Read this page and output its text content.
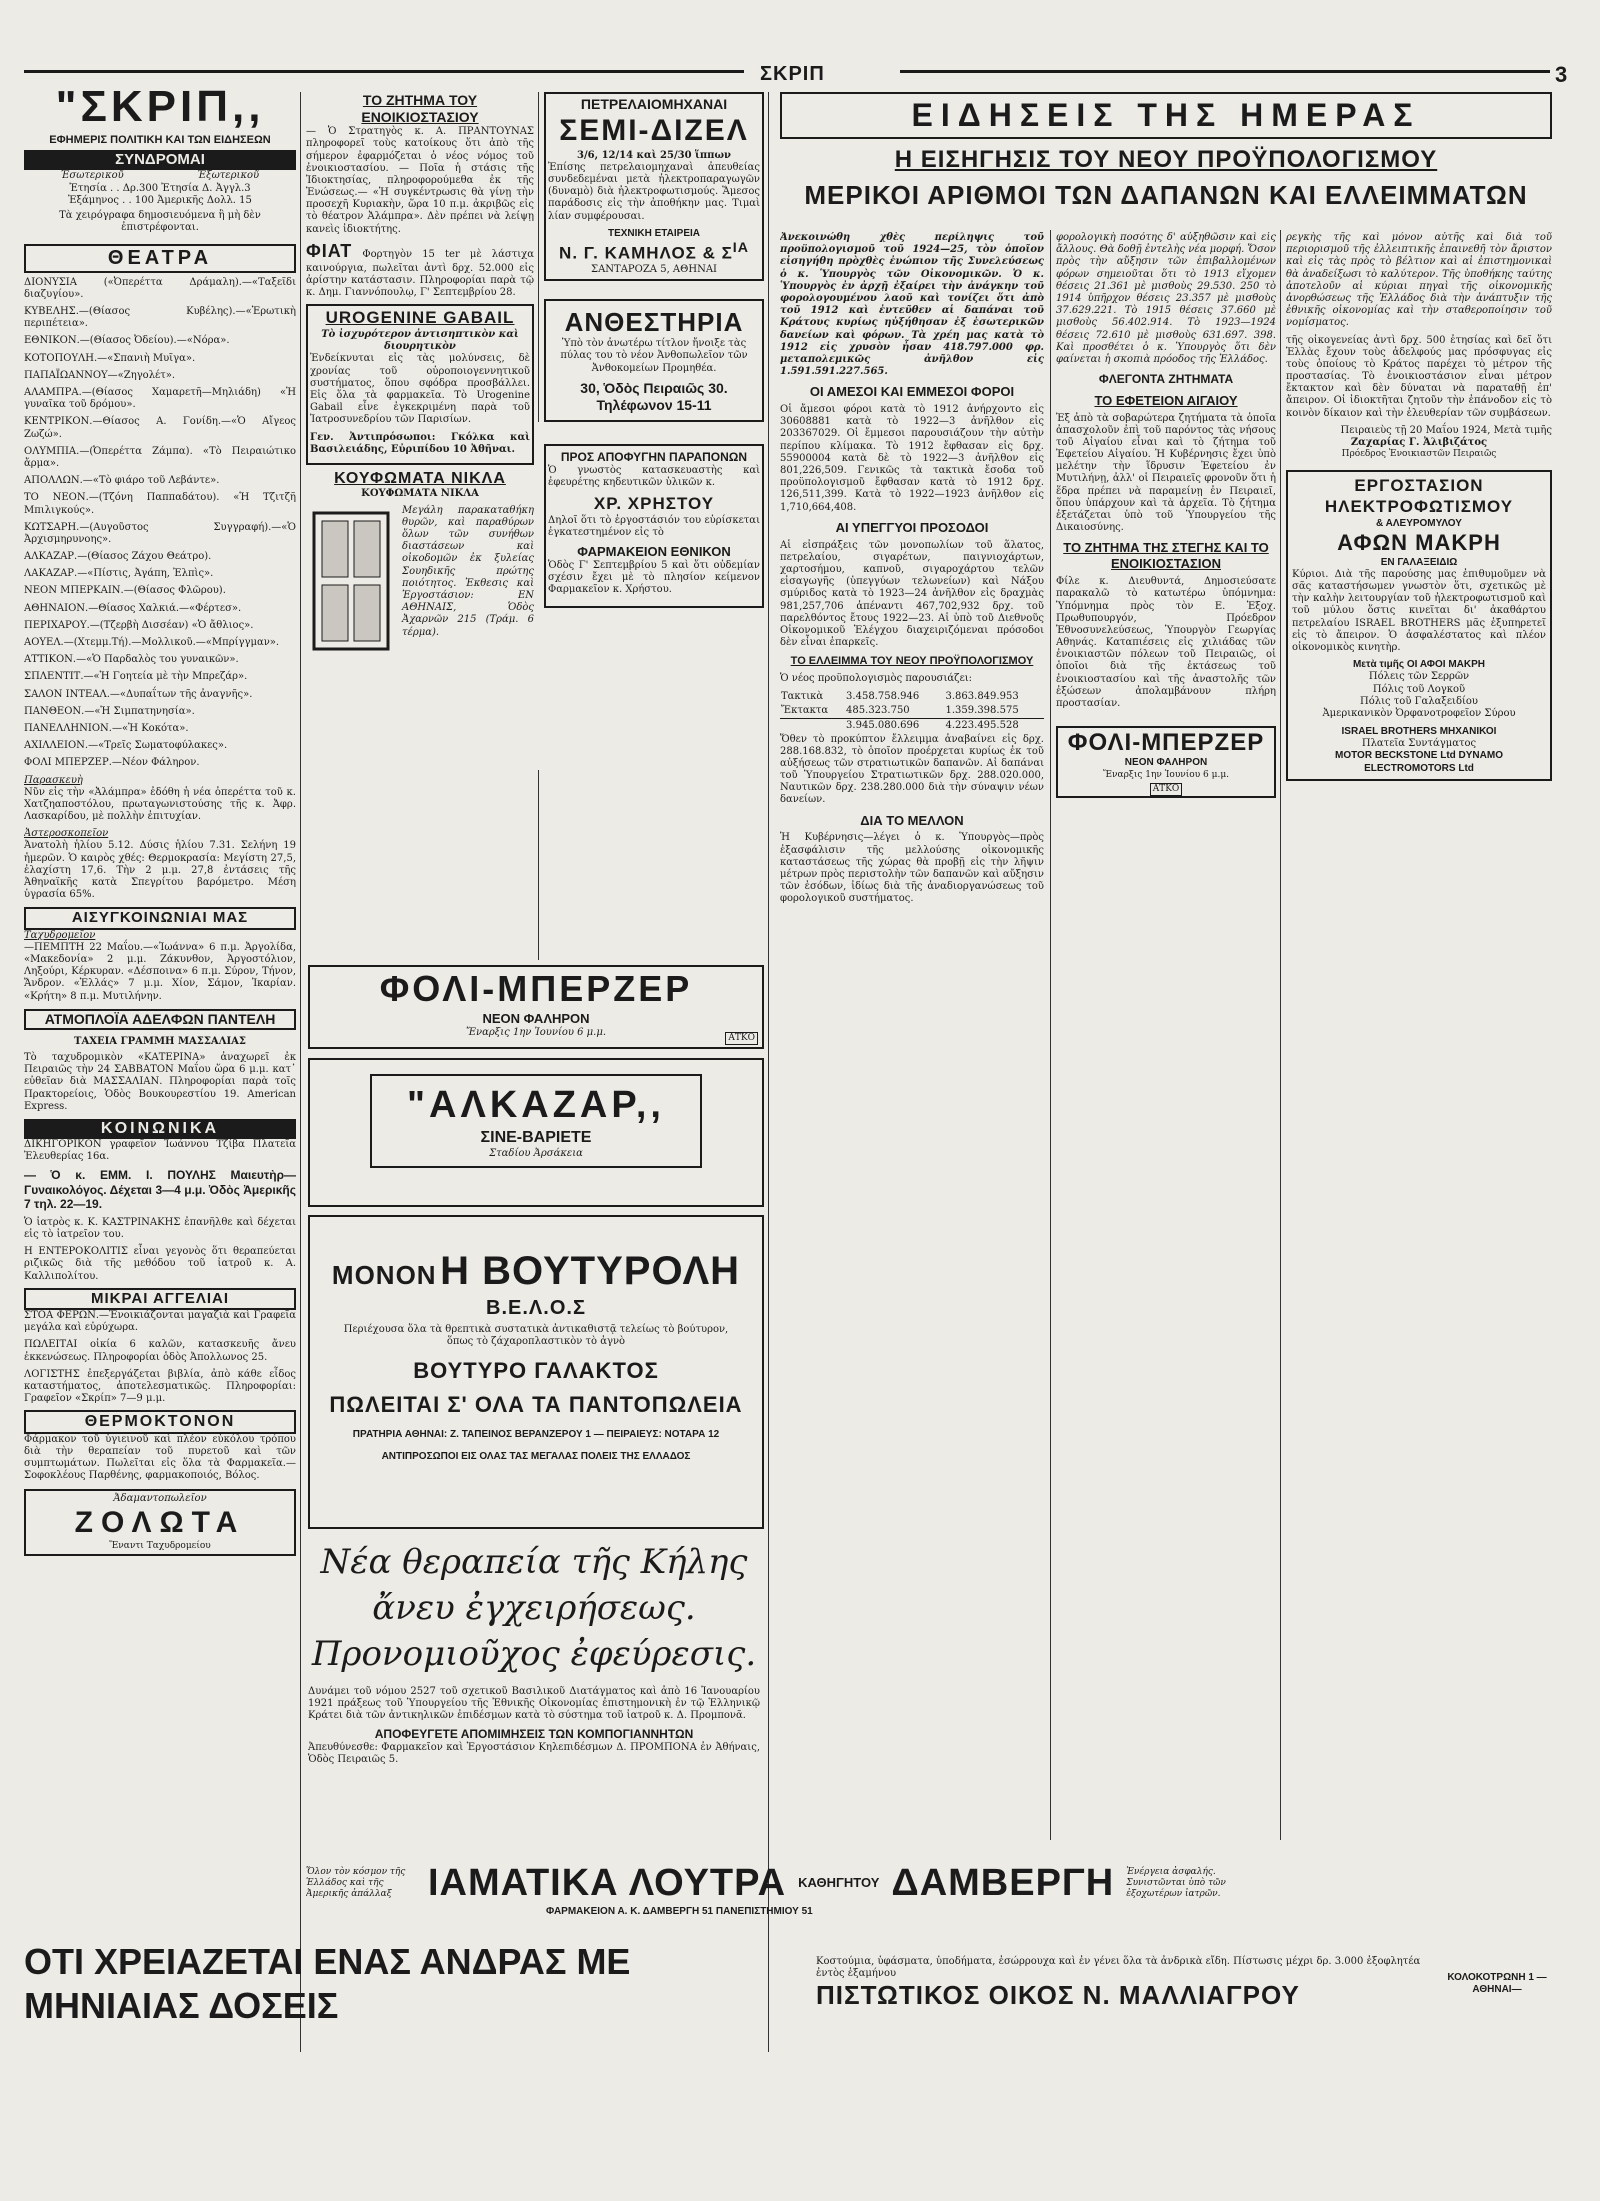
ΣΚΡΙΠ	3
"ΣΚΡΙΠ,,
ΕΦΗΜΕΡΙΣ ΠΟΛΙΤΙΚΗ ΚΑΙ ΤΩΝ ΕΙΔΗΣΕΩΝ
ΣΥΝΔΡΟΜΑΙ
Ἐσωτερικοῦ	Ἐξωτερικοῦ
Ἐτησία . . Δρ.300 Ἐτησία Δ. Ἀγγλ.3
Ἑξάμηνος . . 100 Ἀμερικῆς Δολλ. 15
Τὰ χειρόγραφα δημοσιευόμενα ἢ μὴ δὲν ἐπιστρέφονται.
ΘΕΑΤΡΑ

ΔΙΟΝΥΣΙΑ («Ὀπερέττα Δράμαλη).—«Ταξεῖδι διαζυγίου».

ΚΥΒΕΛΗΣ.—(Θίασος Κυβέλης).—«Ἐρωτικὴ περιπέτεια».

ΕΘΝΙΚΟΝ.—(Θίασος Ὀδείου).—«Νόρα».

ΚΟΤΟΠΟΥΛΗ.—«Σπανιὴ Μυῖγα».

ΠΑΠΑΪΩΑΝΝΟΥ—«Ζηγολέτ».

ΑΛΑΜΠΡΑ.—(Θίασος Χαμαρετῆ—Μηλιάδη) «Ἡ γυναῖκα τοῦ δρόμου».

ΚΕΝΤΡΙΚΟΝ.—Θίασος Α. Γονίδη.—«Ὁ Αἴγεος Ζωζώ».

ΟΛΥΜΠΙΑ.—(Ὀπερέττα Ζάμπα). «Τὸ Πειραιώτικο ἄρμα».

ΑΠΟΛΛΩΝ.—«Τὸ φιάρο τοῦ Λεβάντε».

ΤΟ ΝΕΟΝ.—(Τζόνη Παππαδάτου). «Ἡ Τζιτζῆ Μπιλιγκούς».

ΚΩΤΣΑΡΗ.—(Αυγοῦστος Συγγραφή).—«Ὁ Ἀρχισμηρυνοης».

ΑΛΚΑΖΑΡ.—(Θίασος Ζάχου Θεάτρο).

ΛΑΚΑΖΑΡ.—«Πίστις, Ἀγάπη, Ἐλπὶς».

ΝΕΟΝ ΜΠΕΡΚΑΙΝ.—(Θίασος Φλῶρου).

ΑΘΗΝΑΙΟΝ.—Θίασος Χαλκιά.—«Φέρτεσ».

ΠΕΡΙΧΑΡΟΥ.—(Τζερβὴ Δισσέαν) «Ὁ ἄθλιος».

ΑΟΥΕΛ.—(Χτεμμ.Τή).—Μολλικοῦ.—«Μπρίγγμαν».

ΑΤΤΙΚΟΝ.—«Ὁ Παρδαλὸς του γυναικῶν».

ΣΠΛΕΝΤΙΤ.—«Ἡ Γοητεία μὲ τὴν Μπρεζάρ».

ΣΑΛΟΝ ΙΝΤΕΑΛ.—«Δυπαΐτων τῆς ἀναγνῆς».

ΠΑΝΘΕΟΝ.—«Ἡ Σιμπατηνησία».

ΠΑΝΕΛΛΗΝΙΟΝ.—«Ἡ Κοκότα».

ΑΧΙΛΛΕΙΟΝ.—«Τρεῖς Σωματοφύλακες».

ΦΟΛΙ ΜΠΕΡΖΕΡ.—Νέον Φάληρον.

Παρασκευὴ

Νῦν εἰς τὴν «Ἀλάμπρα» ἐδόθη ἡ νέα ὀπερέττα τοῦ κ. Χατζηαποστόλου, πρωταγωνιστούσης τῆς κ. Ἀφρ. Λασκαρίδου, μὲ πολλὴν ἐπιτυχίαν.

Ἀστεροσκοπεῖον

Ἀνατολὴ ἡλίου 5.12. Δύσις ἡλίου 7.31. Σελήνη 19 ἡμερῶν. Ὁ καιρὸς χθές: Θερμοκρασία: Μεγίστη 27,5, ἐλαχίστη 17,6. Τὴν 2 μ.μ. 27,8 ἐντάσεις τῆς Ἀθηναϊκῆς κατὰ Σπεγρίτου βαρόμετρο. Μέση ὑγρασία 65%.

ΑΙΣΥΓΚΟΙΝΩΝΙΑΙ ΜΑΣ
Ταχυδρομεῖον

—ΠΕΜΠΤΗ 22 Μαΐου.—«Ἰωάννα» 6 π.μ. Ἀργολίδα, «Μακεδονία» 2 μ.μ. Ζάκυνθον, Ἀργοστόλιον, Ληξούρι, Κέρκυραν. «Δέσποινα» 6 π.μ. Σύρον, Τήνον, Ἄνδρον. «Ἑλλάς» 7 μ.μ. Χίον, Σάμον, Ἰκαρίαν. «Κρήτη» 8 π.μ. Μυτιλήνην.

ΑΤΜΟΠΛΟΪΑ ΑΔΕΛΦΩΝ ΠΑΝΤΕΛΗ
ΤΑΧΕΙΑ ΓΡΑΜΜΗ ΜΑΣΣΑΛΙΑΣ

Τὸ ταχυδρομικὸν «ΚΑΤΕΡΙΝΑ» ἀναχωρεῖ ἐκ Πειραιῶς τὴν 24 ΣΑΒΒΑΤΟΝ Μαΐου ὥρα 6 μ.μ. κατ᾽ εὐθεῖαν διὰ ΜΑΣΣΑΛΙΑΝ. Πληροφορίαι παρὰ τοῖς Πρακτορείοις, Ὁδὸς Βουκουρεστίου 19. American Express.

ΚΟΙΝΩΝΙΚΑ

ΔΙΚΗΓΟΡΙΚΟΝ γραφεῖον Ἰωάννου Τζίβα Πλατεῖα Ἐλευθερίας 16α.

— Ὁ κ. ΕΜΜ. Ι. ΠΟΥΛΗΣ Μαιευτὴρ—Γυναικολόγος. Δέχεται 3—4 μ.μ. Ὁδὸς Ἀμερικῆς 7 τηλ. 22—19.

Ὁ ἰατρὸς κ. Κ. ΚΑΣΤΡΙΝΑΚΗΣ ἐπανῆλθε καὶ δέχεται εἰς τὸ ἰατρεῖον του.

Η ΕΝΤΕΡΟΚΟΛΙΤΙΣ εἶναι γεγονὸς ὅτι θεραπεύεται ριζικῶς διὰ τῆς μεθόδου τοῦ ἰατροῦ κ. Α. Καλλιπολίτου.

ΜΙΚΡΑΙ ΑΓΓΕΛΙΑΙ

ΣΤΟΑ ΦΕΡΩΝ.—Ἐνοικιάζονται μαγαζιὰ καὶ Γραφεῖα μεγάλα καὶ εὐρύχωρα.

ΠΩΛΕΙΤΑΙ οἰκία 6 καλῶν, κατασκευῆς ἄνευ ἐκκενώσεως. Πληροφορίαι ὁδὸς Ἀπολλωνος 25.

ΛΟΓΙΣΤΗΣ ἐπεξεργάζεται βιβλία, ἀπὸ κάθε εἶδος καταστήματος, ἀποτελεσματικῶς. Πληροφορίαι: Γραφεῖον «Σκρίπ» 7—9 μ.μ.

ΘΕΡΜΟΚΤΟΝΟΝ

Φάρμακον τοῦ ὑγιεινοῦ καὶ πλέον εὐκόλου τρόπου διὰ τὴν θεραπείαν τοῦ πυρετοῦ καὶ τῶν συμπτωμάτων. Πωλεῖται εἰς ὅλα τὰ Φαρμακεῖα.—Σοφοκλέους Παρθένης, φαρμακοποιός, Βόλος.

Ἀδαμαντοπωλεῖον
ΖΟΛΩΤΑ
Ἔναντι Ταχυδρομείου
ΤΟ ΖΗΤΗΜΑ ΤΟΥ ΕΝΟΙΚΙΟΣΤΑΣΙΟΥ

— Ὁ Στρατηγὸς κ. Α. ΠΡΑΝΤΟΥΝΑΣ πληροφορεῖ τοὺς κατοίκους ὅτι ἀπὸ τῆς σήμερον ἐφαρμόζεται ὁ νέος νόμος τοῦ ἐνοικιοστασίου. — Ποῖα ἡ στάσις τῆς Ἰδιοκτησίας, πληροφορούμεθα ἐκ τῆς Ἑνώσεως.— «Ἡ συγκέντρωσις θὰ γίνῃ τὴν προσεχῆ Κυριακὴν, ὥρα 10 π.μ. ἀκριβῶς εἰς τὸ θέατρον Ἀλάμπρα». Δὲν πρέπει νὰ λείψῃ κανεὶς ἰδιοκτήτης.

ΦΙΑΤ Φορτηγὸν 15 ter μὲ λάστιχα καινούργια, πωλεῖται ἀντὶ δρχ. 52.000 εἰς ἀρίστην κατάστασιν. Πληροφορίαι παρὰ τῷ κ. Δημ. Γιαννόπουλῳ, Γ' Σεπτεμβρίου 28.

UROGENINE GABAIL
Τὸ ἰσχυρότερον ἀντισηπτικὸν καὶ διουρητικὸν

Ἐνδείκνυται εἰς τὰς μολύνσεις, δὲ χρονίας τοῦ οὐροποιογεννητικοῦ συστήματος, ὅπου σφόδρα προσβάλλει. Εἰς ὅλα τὰ φαρμακεῖα. Τὸ Urogenine Gabail εἶνε ἐγκεκριμένη παρὰ τοῦ Ἰατροσυνεδρίου τῶν Παρισίων.

Γεν. Ἀντιπρόσωποι: Γκόλκα καὶ Βασιλειάδης, Εὐριπίδου 10 Ἀθῆναι.

ΚΟΥΦΩΜΑΤΑ ΝΙΚΛΑ
ΚΟΥΦΩΜΑΤΑ ΝΙΚΛΑ

Μεγάλη παρακαταθήκη θυρῶν, καὶ παραθύρων ὅλων τῶν συνήθων διαστάσεων καὶ οἰκοδομῶν ἐκ ξυλείας Σουηδικῆς πρώτης ποιότητος. Ἐκθεσις καὶ Ἐργοστάσιον: ΕΝ ΑΘΗΝΑΙΣ, Ὁδὸς Ἀχαρνῶν 215 (Τράμ. 6 τέρμα).

ΠΕΤΡΕΛΑΙΟΜΗΧΑΝΑΙ
ΣΕΜΙ-ΔΙΖΕΛ
3/6, 12/14 καὶ 25/30 ἵππων

Ἐπίσης πετρελαιομηχαναὶ ἀπευθείας συνδεδεμέναι μετὰ ἠλεκτροπαραγωγῶν (δυναμὸ) διὰ ἠλεκτροφωτισμούς. Ἅμεσος παράδοσις εἰς τὴν ἀποθήκην μας. Τιμαὶ λίαν συμφέρουσαι.

ΤΕΧΝΙΚΗ ΕΤΑΙΡΕΙΑ
Ν. Γ. ΚΑΜΗΛΟΣ & $\Sigma^{IA}$
ΣΑΝΤΑΡΟΖΑ 5, ΑΘΗΝΑΙ
ΑΝΘΕΣΤΗΡΙΑ

Ὑπὸ τὸν ἀνωτέρω τίτλον ἤνοιξε τὰς πύλας του τὸ νέον Ἀνθοπωλεῖον τῶν Ἀνθοκομείων Προμηθέα.

30, Ὁδὸς Πειραιῶς 30.
Τηλέφωνον 15-11
ΠΡΟΣ ΑΠΟΦΥΓΗΝ ΠΑΡΑΠΟΝΩΝ

Ὁ γνωστὸς κατασκευαστὴς καὶ ἐφευρέτης κηδευτικῶν ὑλικῶν κ.

ΧΡ. ΧΡΗΣΤΟΥ

Δηλοῖ ὅτι τὸ ἐργοστάσιόν του εὑρίσκεται ἐγκατεστημένον εἰς τὸ

ΦΑΡΜΑΚΕΙΟΝ ΕΘΝΙΚΟΝ

Ὁδὸς Γ' Σεπτεμβρίου 5 καὶ ὅτι οὐδεμίαν σχέσιν ἔχει μὲ τὸ πλησίον κείμενον Φαρμακεῖον κ. Χρήστου.

ΦΟΛΙ-ΜΠΕΡΖΕΡ
ΝΕΟΝ ΦΑΛΗΡΟΝ
Ἔναρξις 1ην Ἰουνίου 6 μ.μ.
ΑΤΚΟ
"ΑΛΚΑΖΑΡ,,
ΣΙΝΕ-ΒΑΡΙΕΤΕ
Σταδίου Ἀρσάκεια
ΜΟΝΟΝ Η ΒΟΥΤΥΡΟΛΗ
Β.Ε.Λ.Ο.Σ

Περιέχουσα ὅλα τὰ θρεπτικὰ συστατικὰ ἀντικαθιστᾷ τελείως τὸ βούτυρον, ὅπως τὸ ζάχαροπλαστικὸν τὸ ἁγνὸ

ΒΟΥΤΥΡΟ ΓΑΛΑΚΤΟΣ
ΠΩΛΕΙΤΑΙ Σ' ΟΛΑ ΤΑ ΠΑΝΤΟΠΩΛΕΙΑ
ΠΡΑΤΗΡΙΑ ΑΘΗΝΑΙ: Ζ. ΤΑΠΕΙΝΟΣ ΒΕΡΑΝΖΕΡΟΥ 1 — ΠΕΙΡΑΙΕΥΣ: ΝΟΤΑΡΑ 12
ΑΝΤΙΠΡΟΣΩΠΟΙ ΕΙΣ ΟΛΑΣ ΤΑΣ ΜΕΓΑΛΑΣ ΠΟΛΕΙΣ ΤΗΣ ΕΛΛΑΔΟΣ
Νέα θεραπεία τῆς Κήλης
ἄνευ ἐγχειρήσεως.
Προνομιοῦχος ἐφεύρεσις.

Δυνάμει τοῦ νόμου 2527 τοῦ σχετικοῦ Βασιλικοῦ Διατάγματος καὶ ἀπὸ 16 Ἰανουαρίου 1921 πράξεως τοῦ Ὑπουργείου τῆς Ἐθνικῆς Οἰκονομίας ἐπιστημονικὴ ἐν τῷ Ἑλληνικῷ Κράτει διὰ τῶν ἀντικηλικῶν ἐπιδέσμων κατὰ τὸ σύστημα τοῦ ἰατροῦ κ. Δ. Προμπονᾶ.

ΑΠΟΦΕΥΓΕΤΕ ΑΠΟΜΙΜΗΣΕΙΣ ΤΩΝ ΚΟΜΠΟΓΙΑΝΝΗΤΩΝ

Ἀπευθύνεσθε: Φαρμακεῖον καὶ Ἐργοστάσιον Κηλεπιδέσμων Δ. ΠΡΟΜΠΟΝΑ ἐν Ἀθήναις, Ὁδὸς Πειραιῶς 5.

Ὅλον τὸν κόσμον τῆς Ἑλλάδος καὶ τῆς Ἀμερικῆς ἀπάλλαξ ΙΑΜΑΤΙΚΑ ΛΟΥΤΡΑ ΚΑΘΗΓΗΤΟΥ ΔΑΜΒΕΡΓΗ Ἐνέργεια ἀσφαλής. Συνιστῶνται ὑπὸ τῶν ἐξοχωτέρων ἰατρῶν.
ΦΑΡΜΑΚΕΙΟΝ Α. Κ. ΔΑΜΒΕΡΓΗ 51 ΠΑΝΕΠΙΣΤΗΜΙΟΥ 51
ΟΤΙ ΧΡΕΙΑΖΕΤΑΙ ΕΝΑΣ ΑΝΔΡΑΣ ΜΕ ΜΗΝΙΑΙΑΣ ΔΟΣΕΙΣ
Κοστούμια, ὑφάσματα, ὑποδήματα, ἐσώρρουχα καὶ ἐν γένει ὅλα τὰ ἀνδρικὰ εἴδη. Πίστωσις μέχρι δρ. 3.000 ἐξοφλητέα ἐντὸς ἑξαμήνου
ΠΙΣΤΩΤΙΚΟΣ ΟΙΚΟΣ Ν. ΜΑΛΛΙΑΓΡΟΥ
ΚΟΛΟΚΟΤΡΩΝΗ 1 —ΑΘΗΝΑΙ—
ΕΙΔΗΣΕΙΣ ΤΗΣ ΗΜΕΡΑΣ
Η ΕΙΣΗΓΗΣΙΣ ΤΟΥ ΝΕΟΥ ΠΡΟΫΠΟΛΟΓΙΣΜΟΥ
ΜΕΡΙΚΟΙ ΑΡΙΘΜΟΙ ΤΩΝ ΔΑΠΑΝΩΝ ΚΑΙ ΕΛΛΕΙΜΜΑΤΩΝ

Ἀνεκοινώθη χθὲς περίληψις τοῦ προϋπολογισμοῦ τοῦ 1924—25, τὸν ὁποῖον εἰσηγήθη πρὸχθὲς ἐνώπιον τῆς Συνελεύσεως ὁ κ. Ὑπουργὸς τῶν Οἰκονομικῶν. Ὁ κ. Ὑπουργὸς ἐν ἀρχῇ ἐξαίρει τὴν ἀνάγκην τοῦ φορολογουμένου λαοῦ καὶ τονίζει ὅτι ἀπὸ τοῦ 1912 καὶ ἐντεῦθεν αἱ δαπάναι τοῦ Κράτους κυρίως ηὐξήθησαν ἐξ ἐσωτερικῶν δανείων καὶ φόρων. Τὰ χρέη μας κατὰ τὸ 1912 εἰς χρυσὸν ἦσαν 418.797.000 φρ. μεταπολεμικῶς ἀνῆλθον εἰς 1.591.591.227.565.

ΟΙ ΑΜΕΣΟΙ ΚΑΙ ΕΜΜΕΣΟΙ ΦΟΡΟΙ

Οἱ ἄμεσοι φόροι κατὰ τὸ 1912 ἀνήρχοντο εἰς 30608881 κατὰ τὸ 1922—3 ἀνῆλθον εἰς 203367029. Οἱ ἔμμεσοι παρουσιάζουν τὴν αὐτὴν περίπου κλίμακα. Τὸ 1912 ἔφθασαν εἰς δρχ. 55900004 κατὰ δὲ τὸ 1922—3 ἀνῆλθον εἰς 801,226,509. Γενικῶς τὰ τακτικὰ ἔσοδα τοῦ προϋπολογισμοῦ ἔφθασαν κατὰ τὸ 1912 δρχ. 126,511,399. Κατὰ τὸ 1922—1923 ἀνῆλθον εἰς 1,710,664,408.

ΑΙ ΥΠΕΓΓΥΟΙ ΠΡΟΣΟΔΟΙ

Αἱ εἰσπράξεις τῶν μονοπωλίων τοῦ ἅλατος, πετρελαίου, σιγαρέτων, παιγνιοχάρτων, χαρτοσήμου, καπνοῦ, σιγαροχάρτου τελῶν εἰσαγωγῆς (ὑπεγγύων τελωνείων) καὶ Νάξου σμύριδος κατὰ τὸ 1923—24 ἀνῆλθον εἰς δραχμὰς 981,257,706 ἀπέναντι 467,702,932 δρχ. τοῦ παρελθόντος ἔτους 1922—23. Αἱ ὑπὸ τοῦ Διεθνοῦς Οἰκονομικοῦ Ἐλέγχου διαχειριζόμεναι πρόσοδοι δὲν εἶναι ἐπαρκεῖς.

ΤΟ ΕΛΛΕΙΜΜΑ ΤΟΥ ΝΕΟΥ ΠΡΟΫΠΟΛΟΓΙΣΜΟΥ

Ὁ νέος προϋπολογισμὸς παρουσιάζει:

Τακτικὰ	3.458.758.946	3.863.849.953
Ἔκτακτα	485.323.750	1.359.398.575
	3.945.080.696	4.223.495.528

Ὅθεν τὸ προκύπτον ἔλλειμμα ἀναβαίνει εἰς δρχ. 288.168.832, τὸ ὁποῖον προέρχεται κυρίως ἐκ τοῦ αὐξήσεως τῶν στρατιωτικῶν δαπανῶν. Αἱ δαπάναι τοῦ Ὑπουργείου Στρατιωτικῶν δρχ. 288.020.000, Ναυτικῶν δρχ. 238.280.000 διὰ τὴν σύναψιν νέων δανείων.

ΔΙΑ ΤΟ ΜΕΛΛΟΝ

Ἡ Κυβέρνησις—λέγει ὁ κ. Ὑπουργὸς—πρὸς ἐξασφάλισιν τῆς μελλούσης οἰκονομικῆς καταστάσεως τῆς χώρας θὰ προβῇ εἰς τὴν λῆψιν μέτρων πρὸς περιστολὴν τῶν δαπανῶν καὶ αὔξησιν τῶν ἐσόδων, ἰδίως διὰ τῆς ἀναδιοργανώσεως τοῦ φορολογικοῦ συστήματος.

φορολογικὴ ποσότης δ' αὐξηθῶσιν καὶ εἰς ἄλλους. Θὰ δοθῇ ἐντελὴς νέα μορφή. Ὅσον πρὸς τὴν αὔξησιν τῶν ἐπιβαλλομένων φόρων σημειοῦται ὅτι τὸ 1913 εἴχομεν θέσεις 21.361 μὲ μισθοὺς 29.530. 250 τὸ 1914 ὑπῆρχον θέσεις 23.357 μὲ μισθοὺς 37.629.221. Τὸ 1915 θέσεις 37.660 μὲ μισθοὺς 56.402.914. Τὸ 1923—1924 θέσεις 72.610 μὲ μισθοὺς 631.697. 398. Καὶ προσθέτει ὁ κ. Ὑπουργὸς ὅτι δὲν φαίνεται ἡ σκοπιὰ πρόοδος τῆς Ἑλλάδος.

ΦΛΕΓΟΝΤΑ ΖΗΤΗΜΑΤΑ
ΤΟ ΕΦΕΤΕΙΟΝ ΑΙΓΑΙΟΥ

Ἐξ ἀπὸ τὰ σοβαρώτερα ζητήματα τὰ ὁποῖα ἀπασχολοῦν ἐπὶ τοῦ παρόντος τὰς νήσους τοῦ Αἰγαίου εἶναι καὶ τὸ ζήτημα τοῦ Ἐφετείου Αἰγαίου. Ἡ Κυβέρνησις ἔχει ὑπὸ μελέτην τὴν ἵδρυσιν Ἐφετείου ἐν Μυτιλήνῃ, ἀλλ' οἱ Πειραιεῖς φρονοῦν ὅτι ἡ ἕδρα πρέπει νὰ παραμείνῃ ἐν Πειραιεῖ, ὅπου ὑπάρχουν καὶ τὰ ἀρχεῖα. Τὸ ζήτημα ἐξετάζεται ὑπὸ τοῦ Ὑπουργείου τῆς Δικαιοσύνης.

ΤΟ ΖΗΤΗΜΑ ΤΗΣ ΣΤΕΓΗΣ ΚΑΙ ΤΟ ΕΝΟΙΚΙΟΣΤΑΣΙΟΝ

Φίλε κ. Διευθυντά, Δημοσιεύσατε παρακαλῶ τὸ κατωτέρω ὑπόμνημα: Ὑπόμνημα πρὸς τὸν Ε. Ἐξοχ. Πρωθυπουργόν, Πρόεδρον Ἐθνοσυνελεύσεως, Ὑπουργὸν Γεωργίας Αθηνάς. Καταπιέσεις εἰς χιλιάδας τῶν ἐνοικιαστῶν πόλεων τοῦ Πειραιῶς, οἱ ὁποῖοι διὰ τῆς ἐκτάσεως τοῦ ἐνοικιοστασίου καὶ τῆς ἀναστολῆς τῶν ἐξώσεων ἀπολαμβάνουν πλήρη προστασίαν.

ΦΟΛΙ-ΜΠΕΡΖΕΡ
ΝΕΟΝ ΦΑΛΗΡΟΝ
Ἔναρξις 1ην Ἰουνίου 6 μ.μ.
ΑΤΚΟ

ρεγκὴς τῆς καὶ μόνον αὐτῆς καὶ διὰ τοῦ περιορισμοῦ τῆς ἐλλειπτικῆς ἐπαινεθῆ τὸν ἄριστον καὶ εἰς τὰς πρὸς τὸ βέλτιον καὶ αἱ ἐπιστημονικαὶ θὰ ἀναδείξωσι τὸ καλύτερον. Τῆς ὑποθήκης ταύτης ἀποτελοῦν αἱ κύριαι πηγαὶ τῆς οἰκονομικῆς ἀνορθώσεως τῆς Ἑλλάδος διὰ τὴν ἀνάπτυξιν τῆς ἐθνικῆς οἰκονομίας καὶ τὴν σταθεροποίησιν τοῦ νομίσματος.

τῆς οἰκογενείας ἀντὶ δρχ. 500 ἐτησίας καὶ δεῖ ὅτι Ἑλλὰς ἔχουν τοὺς ἀδελφούς μας πρόσφυγας εἰς τοὺς ὁποίους τὸ Κράτος παρέχει τὸ μέτρον τῆς προστασίας. Τὸ ἐνοικιοστάσιον εἶναι μέτρον ἔκτακτον καὶ δὲν δύναται νὰ παραταθῇ ἐπ' ἄπειρον. Οἱ ἰδιοκτῆται ζητοῦν τὴν ἐπάνοδον εἰς τὸ κοινὸν δίκαιον καὶ τὴν ἐλευθερίαν τῶν συμβάσεων.

Πειραιεὺς τῇ 20 Μαΐου 1924, Μετὰ τιμῆς
Ζαχαρίας Γ. Ἀλιβιζάτος
Πρόεδρος Ἐνοικιαστῶν Πειραιῶς
ΕΡΓΟΣΤΑΣΙΟΝ ΗΛΕΚΤΡΟΦΩΤΙΣΜΟΥ
& ΑΛΕΥΡΟΜΥΛΟΥ
ΑΦΩΝ ΜΑΚΡΗ
ΕΝ ΓΑΛΑΞΕΙΔΙΩ

Κύριοι. Διὰ τῆς παρούσης μας ἐπιθυμοῦμεν νὰ σᾶς καταστήσωμεν γνωστὸν ὅτι, σχετικῶς μὲ τὴν καλὴν λειτουργίαν τοῦ ἠλεκτροφωτισμοῦ καὶ τοῦ μύλου ὅστις κινεῖται δι' ἀκαθάρτου πετρελαίου ISRAEL BROTHERS μᾶς ἐξυπηρετεῖ εἰς τὸ ἄπειρον. Ὁ ἀσφαλέστατος καὶ πλέον οἰκονομικὸς κινητὴρ.

Μετὰ τιμῆς ΟΙ ΑΦΟΙ ΜΑΚΡΗ
Πόλεις τῶν Σερρῶν
Πόλις τοῦ Λογκοῦ
Πόλις τοῦ Γαλαξειδίου
Ἀμερικανικὸν Ὀρφανοτροφεῖον Σύρου
ISRAEL BROTHERS ΜΗΧΑΝΙΚΟΙ
Πλατεῖα Συντάγματος
MOTOR BECKSTONE Ltd DYNAMO ELECTROMOTORS Ltd
